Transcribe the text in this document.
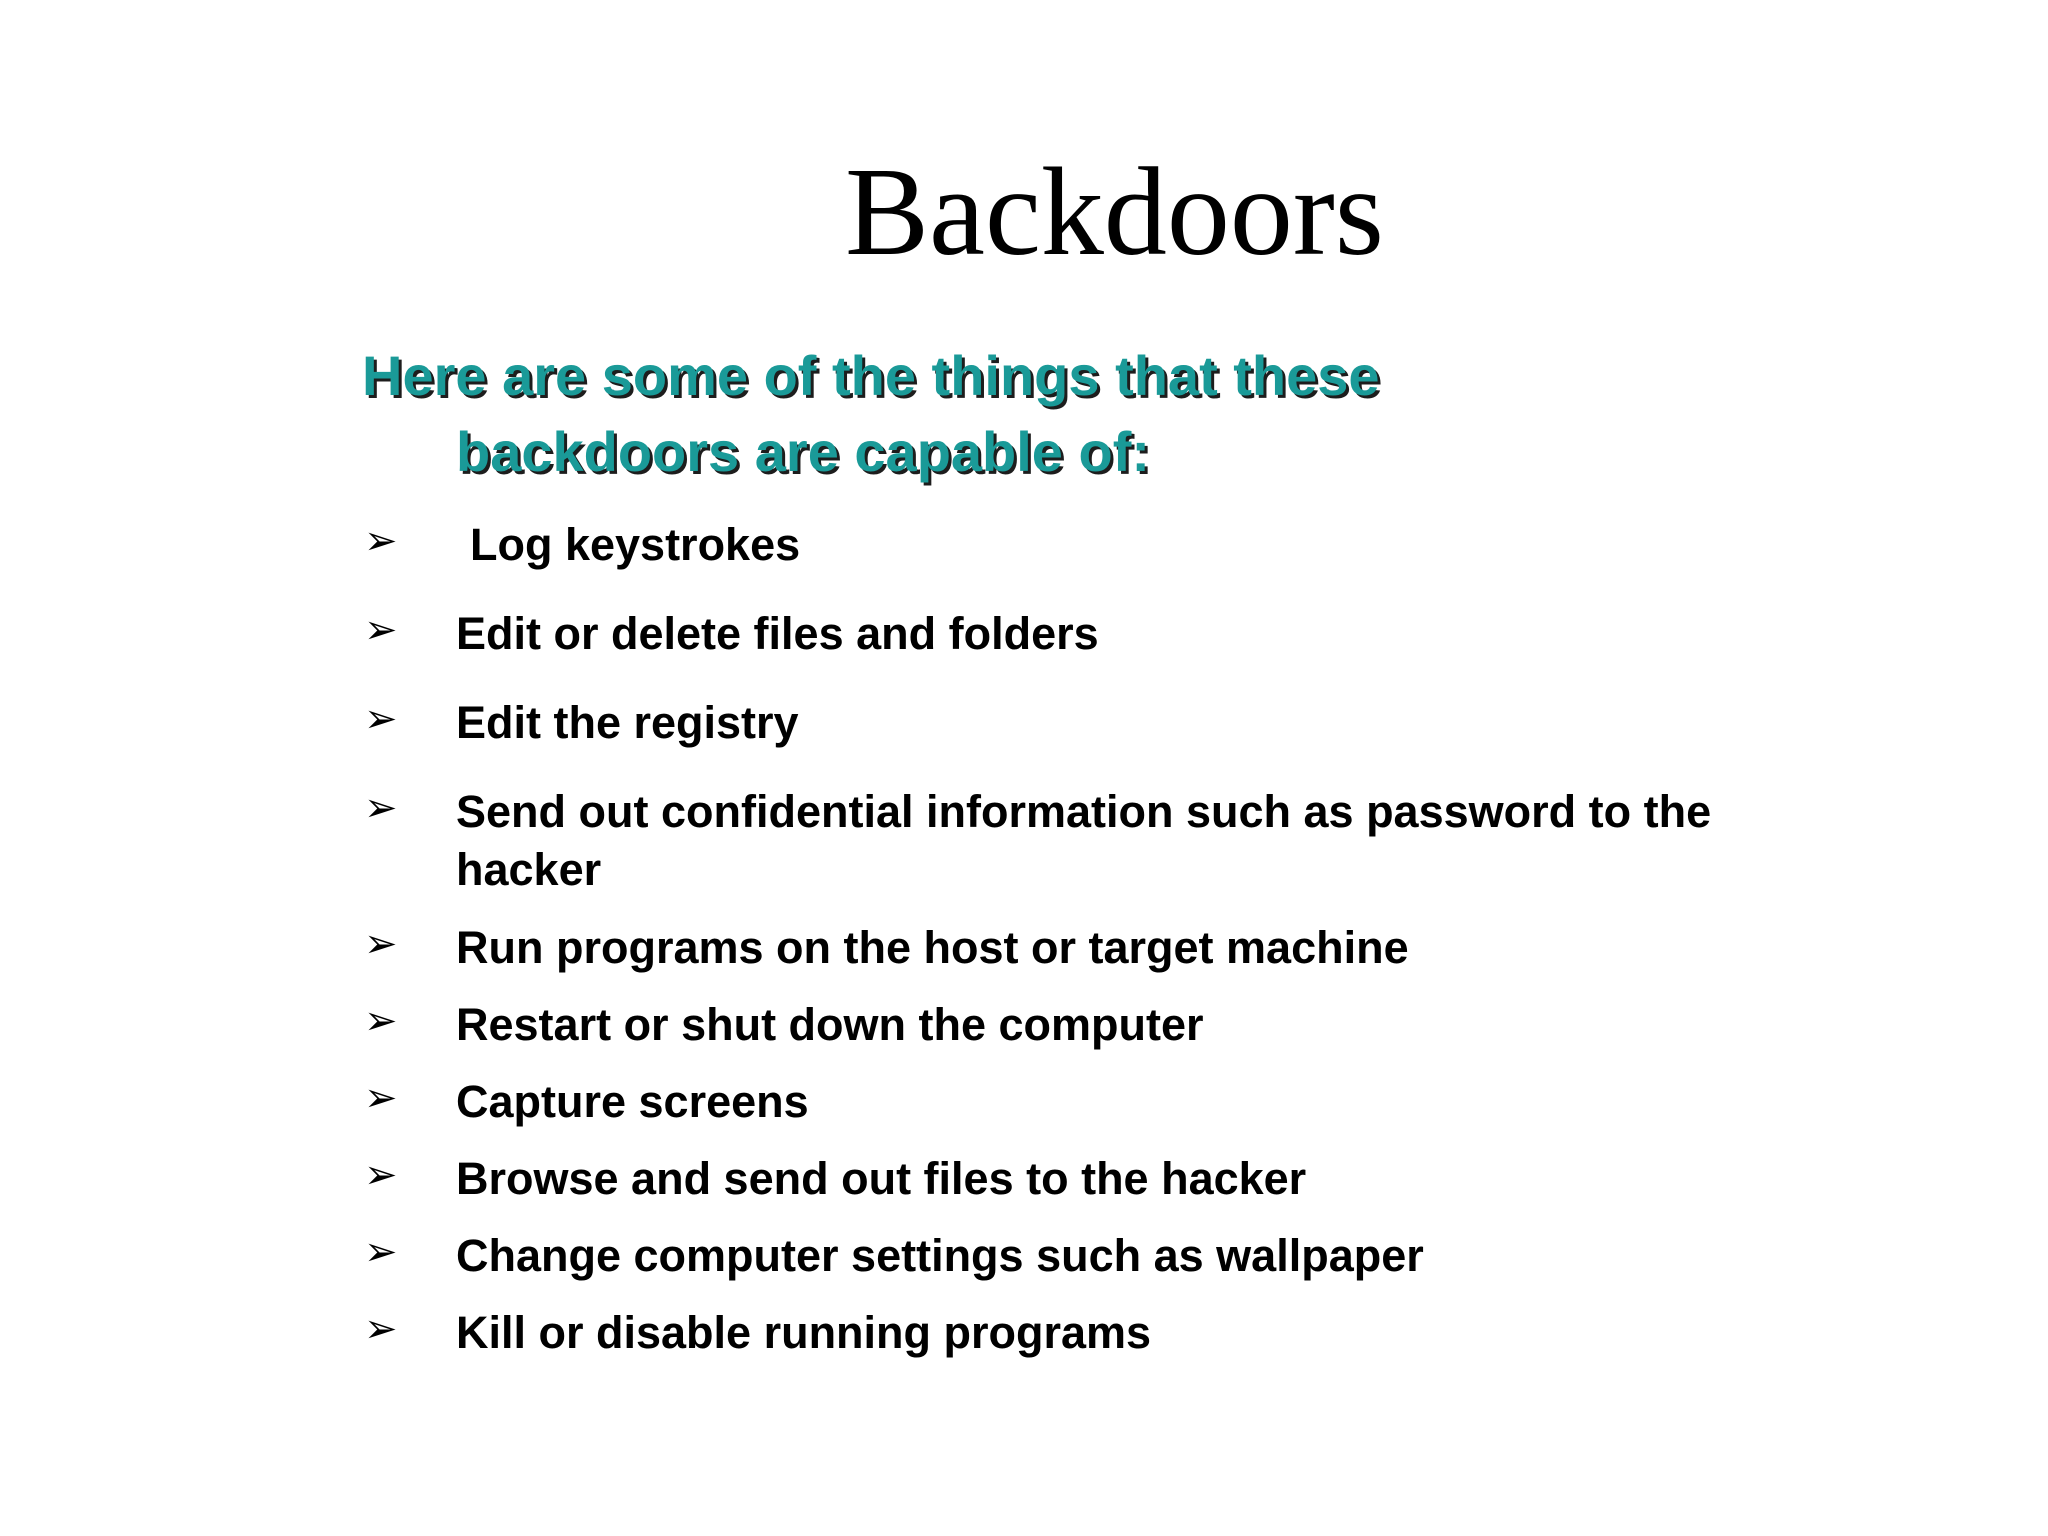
Backdoors

Here are some of the things that these
backdoors are capable of:

➢ Log keystrokes
➢ Edit or delete files and folders
➢ Edit the registry
➢ Send out confidential information such as password to the hacker
➢ Run programs on the host or target machine
➢ Restart or shut down the computer
➢ Capture screens
➢ Browse and send out files to the hacker
➢ Change computer settings such as wallpaper
➢ Kill or disable running programs
